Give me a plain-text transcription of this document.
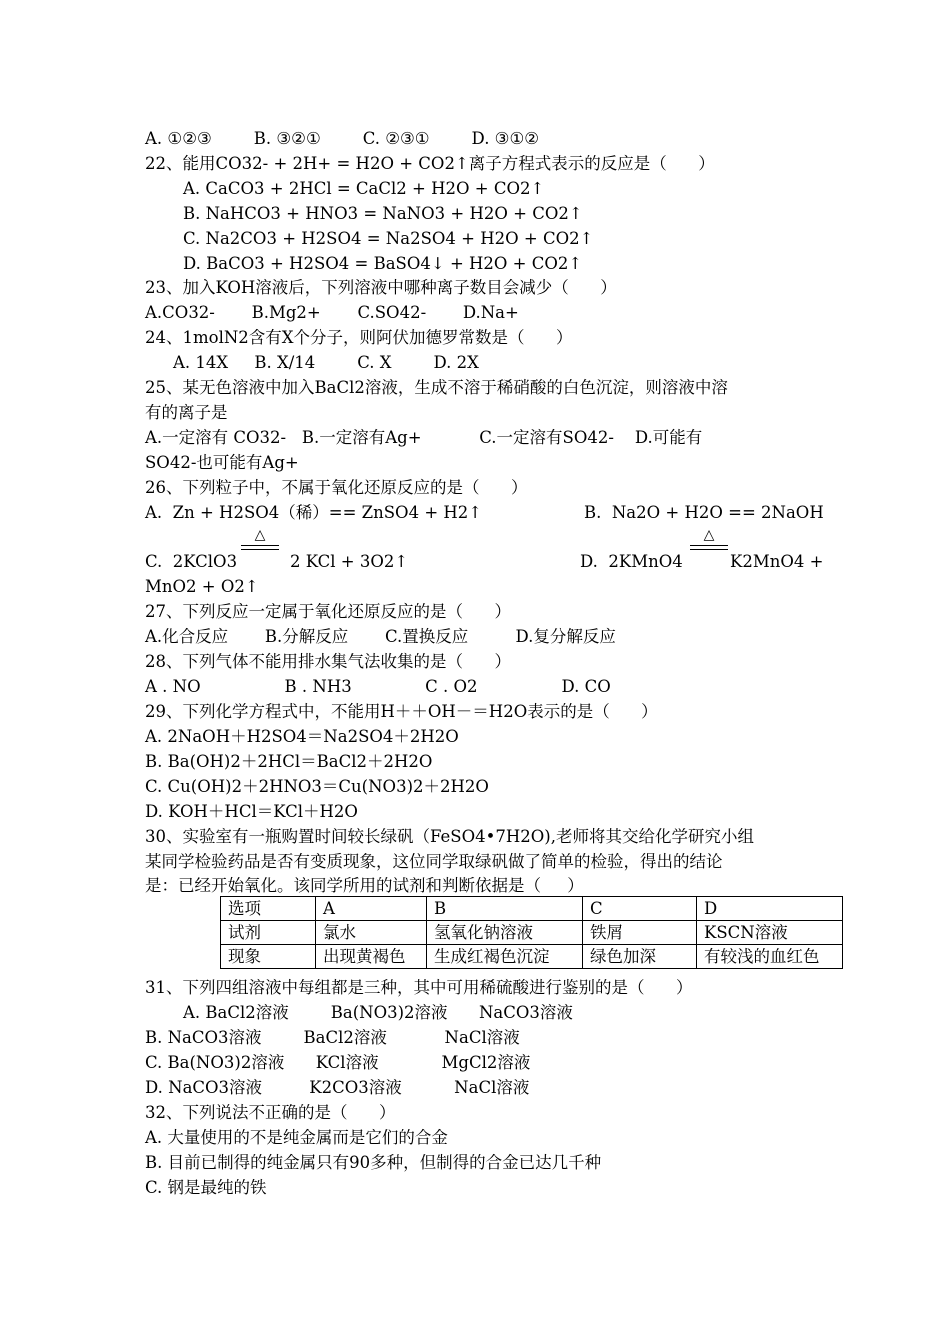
A. ①②③        B. ③②①        C. ②③①        D. ③①②
22、能用CO32- + 2H+ = H2O + CO2↑离子方程式表示的反应是（      ）
A. CaCO3 + 2HCl = CaCl2 + H2O + CO2↑
B. NaHCO3 + HNO3 = NaNO3 + H2O + CO2↑
C. Na2CO3 + H2SO4 = Na2SO4 + H2O + CO2↑
D. BaCO3 + H2SO4 = BaSO4↓ + H2O + CO2↑
23、加入KOH溶液后，下列溶液中哪种离子数目会减少（      ）
A.CO32-       B.Mg2+       C.SO42-       D.Na+
24、1molN2含有X个分子，则阿伏加德罗常数是（      ）
A. 14X     B. X/14        C. X        D. 2X
25、某无色溶液中加入BaCl2溶液，生成不溶于稀硝酸的白色沉淀，则溶液中溶
有的离子是
A.一定溶有 CO32-   B.一定溶有Ag+           C.一定溶有SO42-    D.可能有
SO42-也可能有Ag+
26、下列粒子中，不属于氧化还原反应的是（      ）
A.  Zn + H2SO4（稀）== ZnSO4 + H2↑	B.  Na2O + H2O == 2NaOH
△	△
C.  2KClO3	2 KCl + 3O2↑	D.  2KMnO4	K2MnO4 +
MnO2 + O2↑
27、下列反应一定属于氧化还原反应的是（      ）
A.化合反应       B.分解反应       C.置换反应         D.复分解反应
28、下列气体不能用排水集气法收集的是（      ）
A . NO                B . NH3              C . O2                D. CO
29、下列化学方程式中，不能用H＋＋OH－＝H2O表示的是（      ）
A. 2NaOH＋H2SO4＝Na2SO4＋2H2O
B. Ba(OH)2＋2HCl＝BaCl2＋2H2O
C. Cu(OH)2＋2HNO3＝Cu(NO3)2＋2H2O
D. KOH＋HCl＝KCl＋H2O
30、实验室有一瓶购置时间较长绿矾（FeSO4•7H2O),老师将其交给化学研究小组
某同学检验药品是否有变质现象，这位同学取绿矾做了简单的检验，得出的结论
是：已经开始氧化。该同学所用的试剂和判断依据是（     ）
选项	A	B	C	D
试剂	氯水	氢氧化钠溶液	铁屑	KSCN溶液
现象	出现黄褐色	生成红褐色沉淀	绿色加深	有较浅的血红色
31、下列四组溶液中每组都是三种，其中可用稀硫酸进行鉴别的是（      ）
A. BaCl2溶液        Ba(NO3)2溶液      NaCO3溶液
B. NaCO3溶液        BaCl2溶液           NaCl溶液
C. Ba(NO3)2溶液      KCl溶液            MgCl2溶液
D. NaCO3溶液         K2CO3溶液          NaCl溶液
32、下列说法不正确的是（      ）
A. 大量使用的不是纯金属而是它们的合金
B. 目前已制得的纯金属只有90多种，但制得的合金已达几千种
C. 钢是最纯的铁
